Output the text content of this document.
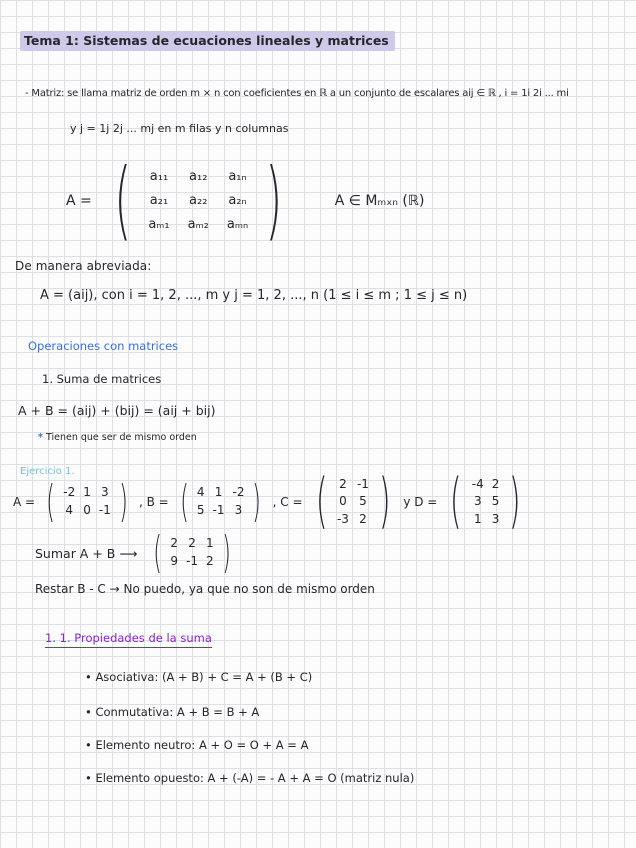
Tema 1: Sistemas de ecuaciones lineales y matrices
- Matriz: se llama matriz de orden m × n con coeficientes en ℝ a un conjunto de escalares aij ∈ ℝ , i = 1i 2i ... mi
y j = 1j 2j ... mj en m filas y n columnas
A = ( a₁₁	a₁₂	a₁ₙ
a₂₁	a₂₂	a₂ₙ
aₘ₁	aₘ₂	aₘₙ )	A ∈ Mₘₓₙ (ℝ)
De manera abreviada:
A = (aij), con i = 1, 2, ..., m y j = 1, 2, ..., n (1 ≤ i ≤ m ; 1 ≤ j ≤ n)
Operaciones con matrices
1. Suma de matrices
A + B = (aij) + (bij) = (aij + bij)
* Tienen que ser de mismo orden
Ejercicio 1.
A = ( -2	1	3
4	0	-1 ) , B = ( 4	1	-2
5	-1	3 ) , C = ( 2	-1
0	5
-3	2 ) y D = ( -4	2
3	5
1	3 )
Sumar A + B ⟶ ( 2	2	1
9	-1	2 )
Restar B - C → No puedo, ya que no son de mismo orden
1. 1. Propiedades de la suma
• Asociativa: (A + B) + C = A + (B + C)
• Conmutativa: A + B = B + A
• Elemento neutro: A + O = O + A = A
• Elemento opuesto: A + (-A) = - A + A = O (matriz nula)
